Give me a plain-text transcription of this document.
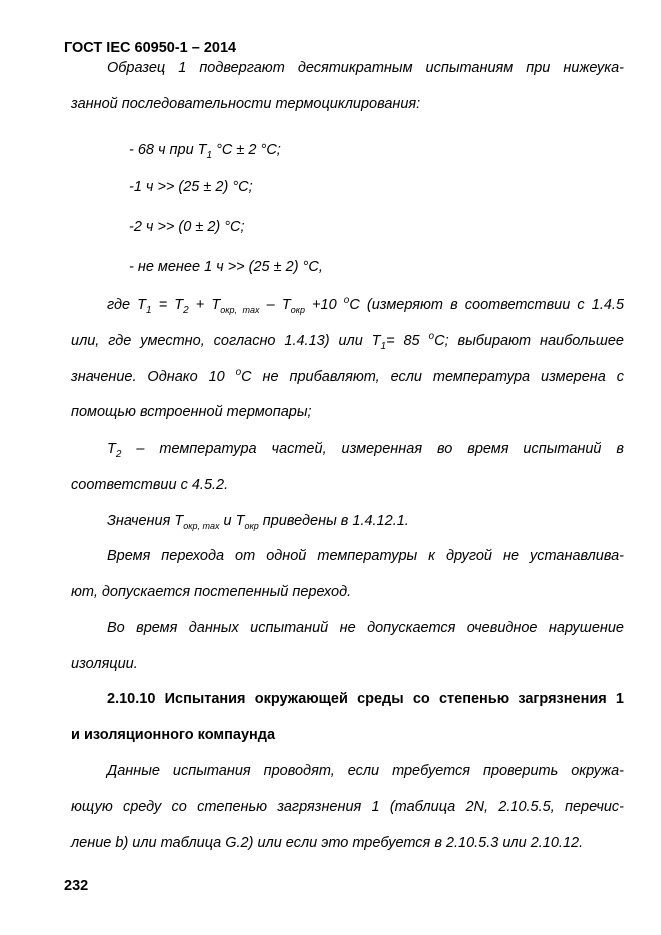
ГОСТ IEC 60950-1 – 2014
Образец 1 подвергают десятикратным испытаниям при нижеука-
занной последовательности термоциклирования:
- 68 ч при $T_1$ °C ± 2 °C;
-1 ч >> (25 ± 2) °C;
-2 ч >> (0 ± 2) °C;
- не менее 1 ч >> (25 ± 2) °C,
где $T_1 = T_2 + T_{окр, max} - T_{окр} +10$ $^o$C (измеряют в соответствии с 1.4.5
или, где уместно, согласно 1.4.13) или $T_1= 85$ $^o$C; выбирают наибольшее
значение. Однако 10 $^o$C не прибавляют, если температура измерена с
помощью встроенной термопары;
$T_2$ – температура частей, измеренная во время испытаний в
соответствии с 4.5.2.
Значения $T_{окр, max}$ и $T_{окр}$ приведены в 1.4.12.1.
Время перехода от одной температуры к другой не устанавлива-
ют, допускается постепенный переход.
Во время данных испытаний не допускается очевидное нарушение
изоляции.
2.10.10 Испытания окружающей среды со степенью загрязнения 1
и изоляционного компаунда
Данные испытания проводят, если требуется проверить окружа-
ющую среду со степенью загрязнения 1 (таблица 2N, 2.10.5.5, перечис-
ление b) или таблица G.2) или если это требуется в 2.10.5.3 или 2.10.12.
232
